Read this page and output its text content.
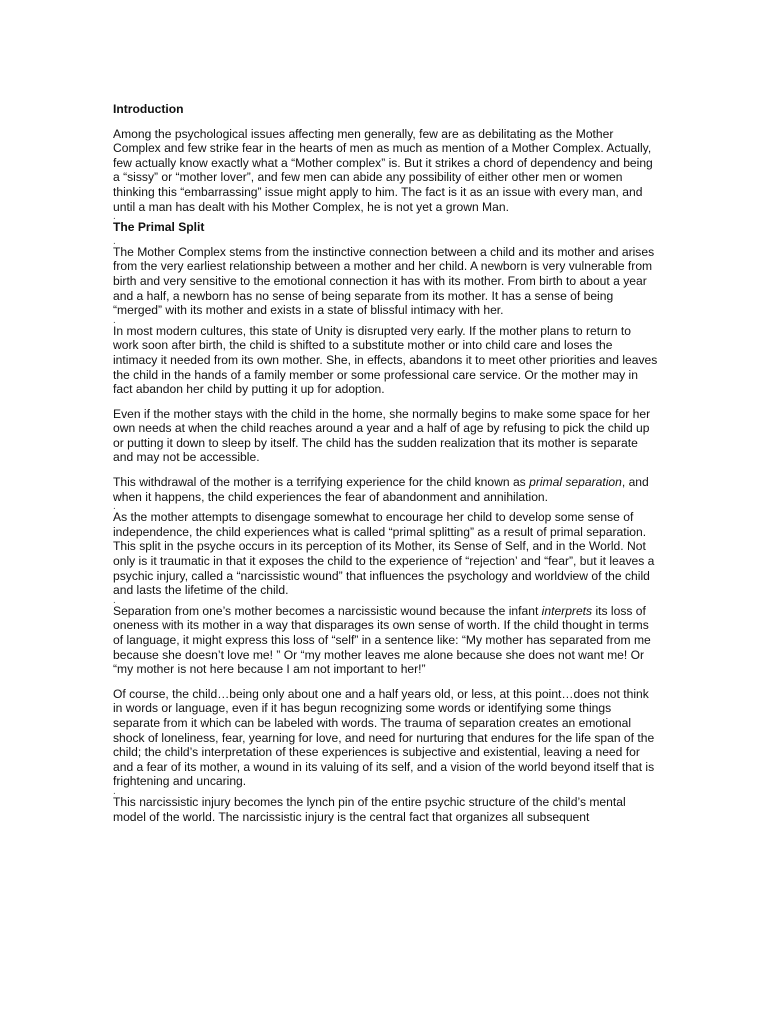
Introduction
Among the psychological issues affecting men generally, few are as debilitating as the Mother Complex and few strike fear in the hearts of men as much as mention of a Mother Complex. Actually, few actually know exactly what a “Mother complex” is. But it strikes a chord of dependency and being a “sissy” or “mother lover”, and few men can abide any possibility of either other men or women thinking this “embarrassing” issue might apply to him. The fact is it as an issue with every man, and until a man has dealt with his Mother Complex, he is not yet a grown Man.
.
The Primal Split
.
The Mother Complex stems from the instinctive connection between a child and its mother and arises from the very earliest relationship between a mother and her child. A newborn is very vulnerable from birth and very sensitive to the emotional connection it has with its mother. From birth to about a year and a half, a newborn has no sense of being separate from its mother. It has a sense of being “merged” with its mother and exists in a state of blissful intimacy with her.
.
In most modern cultures, this state of Unity is disrupted very early. If the mother plans to return to work soon after birth, the child is shifted to a substitute mother or into child care and loses the intimacy it needed from its own mother. She, in effects, abandons it to meet other priorities and leaves the child in the hands of a family member or some professional care service. Or the mother may in fact abandon her child by putting it up for adoption.
Even if the mother stays with the child in the home, she normally begins to make some space for her own needs at when the child reaches around a year and a half of age by refusing to pick the child up or putting it down to sleep by itself. The child has the sudden realization that its mother is separate and may not be accessible.
This withdrawal of the mother is a terrifying experience for the child known as primal separation, and when it happens, the child experiences the fear of abandonment and annihilation.
.
As the mother attempts to disengage somewhat to encourage her child to develop some sense of independence, the child experiences what is called “primal splitting” as a result of primal separation. This split in the psyche occurs in its perception of its Mother, its Sense of Self, and in the World. Not only is it traumatic in that it exposes the child to the experience of “rejection’ and “fear”, but it leaves a psychic injury, called a “narcissistic wound” that influences the psychology and worldview of the child and lasts the lifetime of the child.
.
Separation from one’s mother becomes a narcissistic wound because the infant interprets its loss of oneness with its mother in a way that disparages its own sense of worth. If the child thought in terms of language, it might express this loss of “self” in a sentence like: “My mother has separated from me because she doesn’t love me! ” Or “my mother leaves me alone because she does not want me! Or “my mother is not here because I am not important to her!”
Of course, the child…being only about one and a half years old, or less, at this point…does not think in words or language, even if it has begun recognizing some words or identifying some things separate from it which can be labeled with words. The trauma of separation creates an emotional shock of loneliness, fear, yearning for love, and need for nurturing that endures for the life span of the child; the child’s interpretation of these experiences is subjective and existential, leaving a need for and a fear of its mother, a wound in its valuing of its self, and a vision of the world beyond itself that is frightening and uncaring.
.
This narcissistic injury becomes the lynch pin of the entire psychic structure of the child’s mental model of the world. The narcissistic injury is the central fact that organizes all subsequent
